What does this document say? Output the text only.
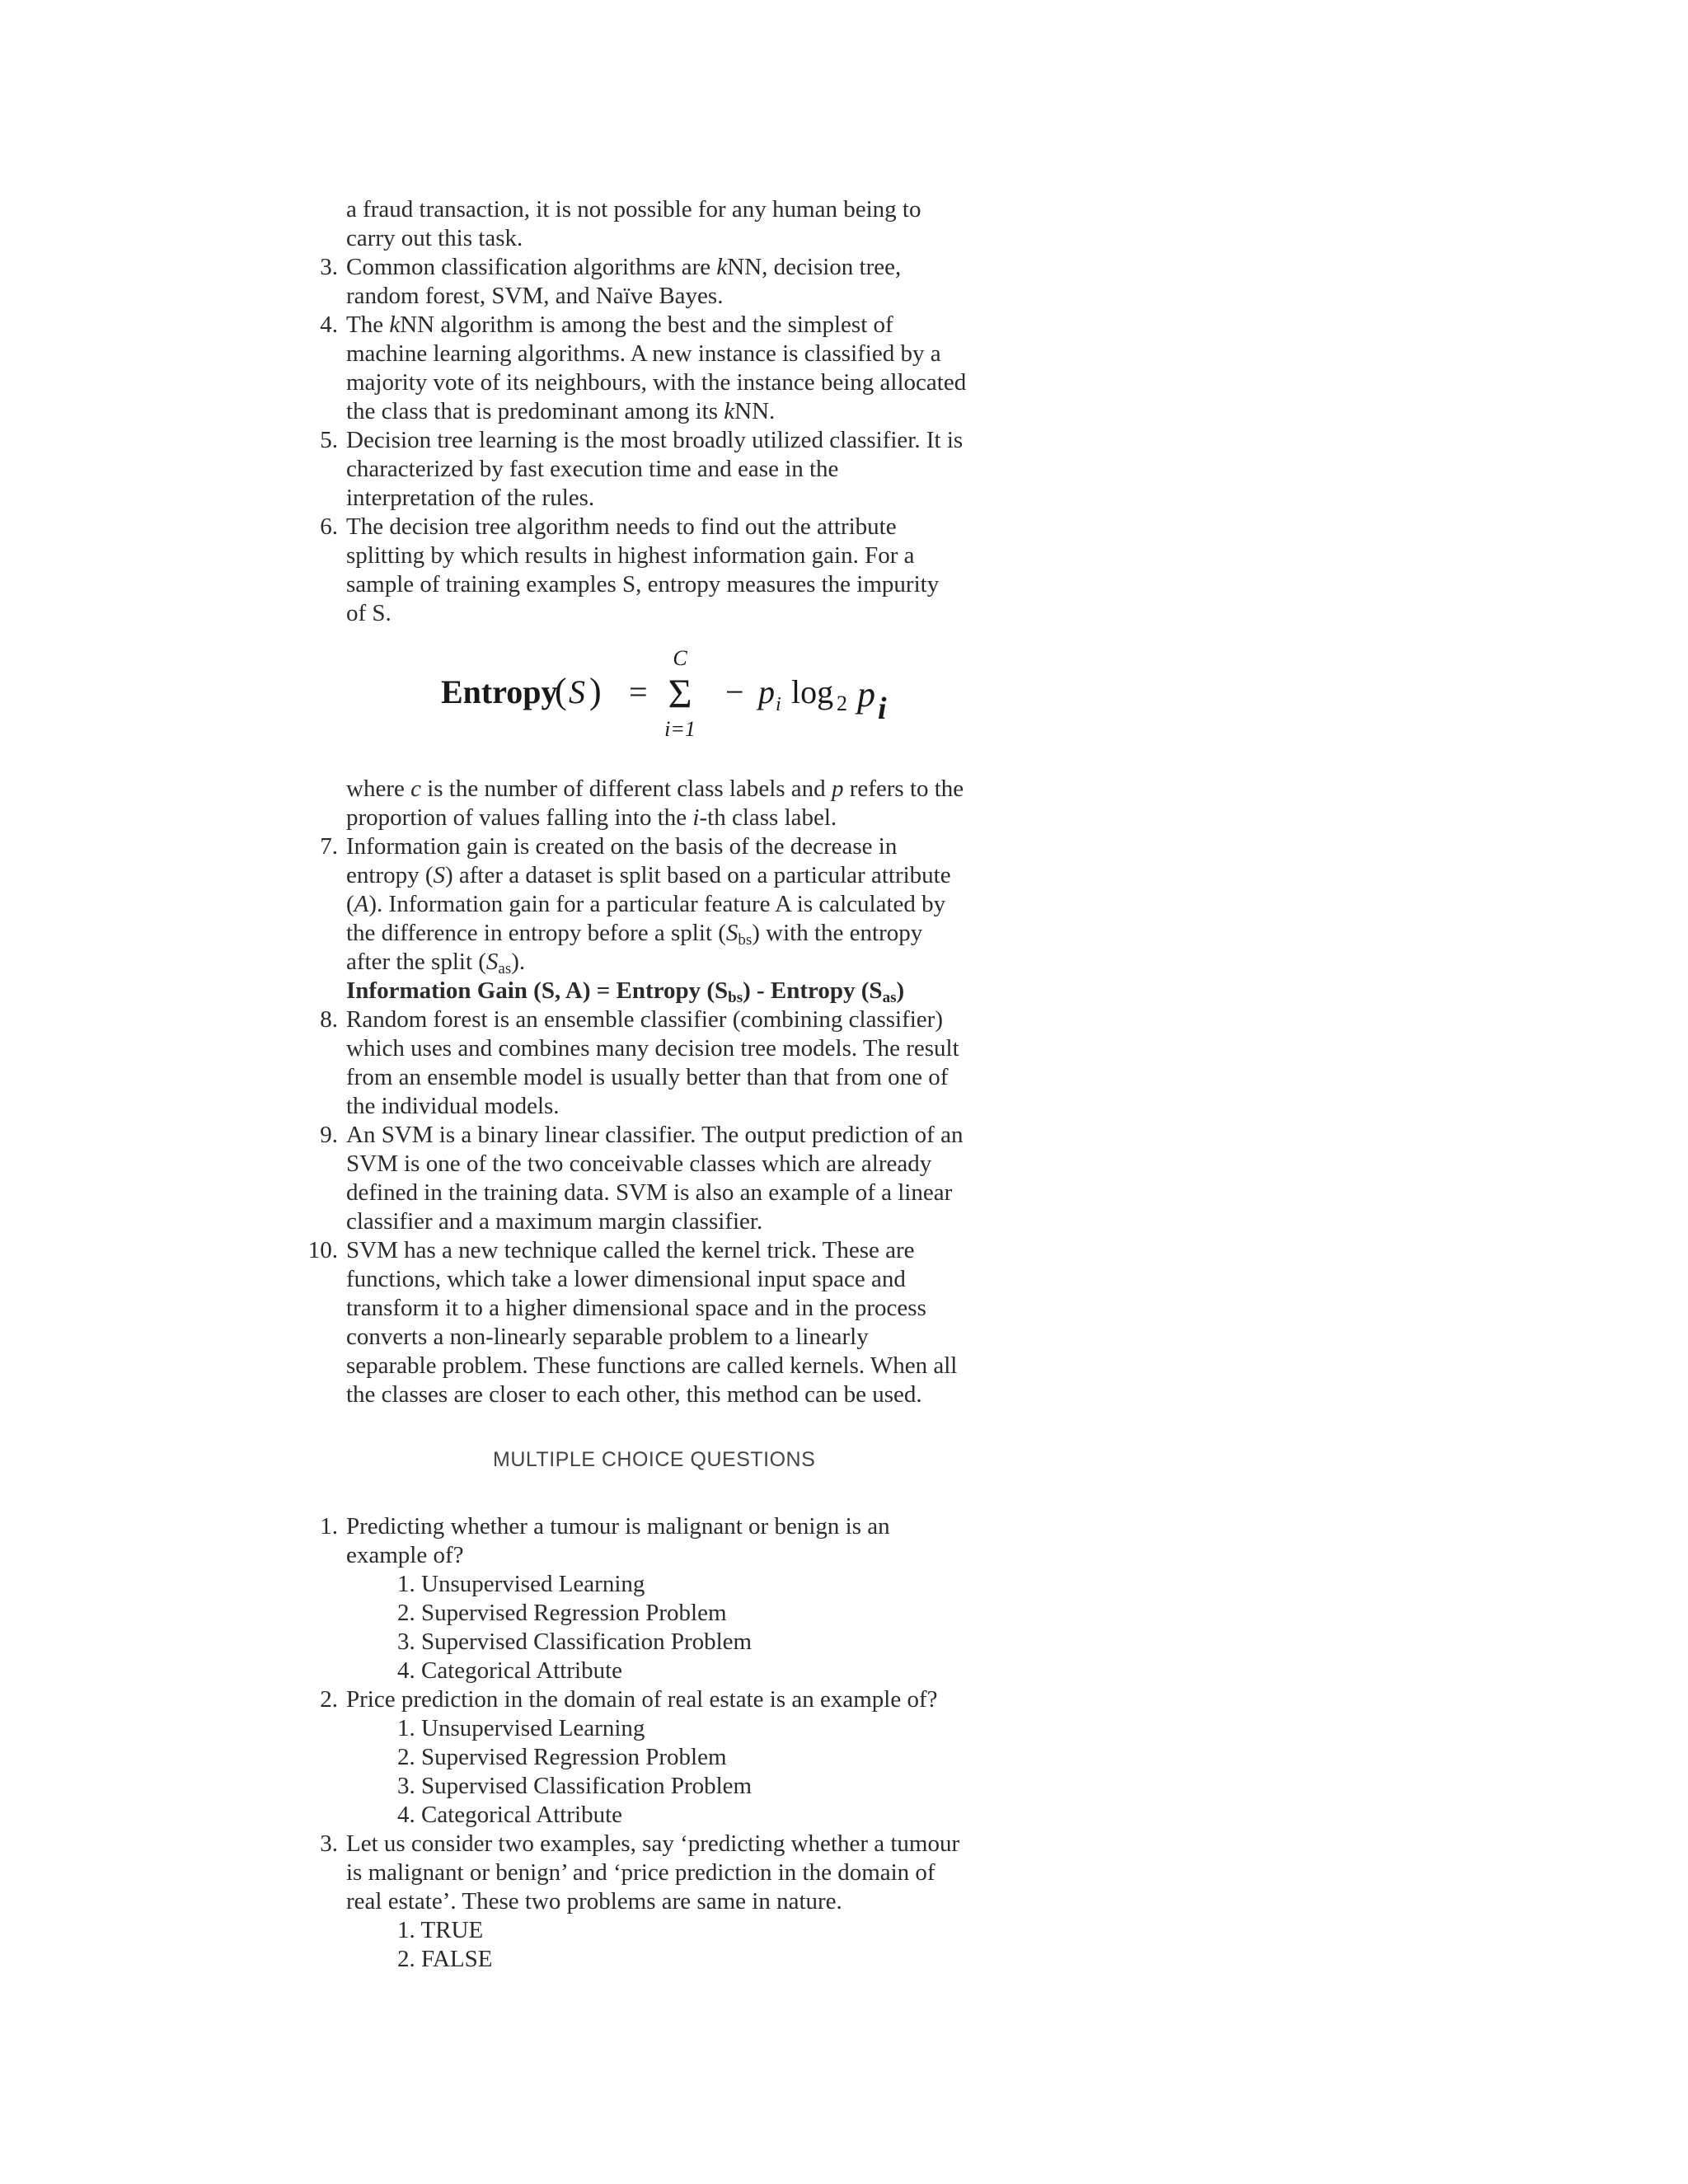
a fraud transaction, it is not possible for any human being to
carry out this task.
3. Common classification algorithms are kNN, decision tree,
random forest, SVM, and Naïve Bayes.
4. The kNN algorithm is among the best and the simplest of
machine learning algorithms. A new instance is classified by a
majority vote of its neighbours, with the instance being allocated
the class that is predominant among its kNN.
5. Decision tree learning is the most broadly utilized classifier. It is
characterized by fast execution time and ease in the
interpretation of the rules.
6. The decision tree algorithm needs to find out the attribute
splitting by which results in highest information gain. For a
sample of training examples S, entropy measures the impurity
of S.
Entropy
( S ) =
C
Σ
i=1
− p i log 2 p i
where c is the number of different class labels and p refers to the
proportion of values falling into the i-th class label.
7. Information gain is created on the basis of the decrease in
entropy (S) after a dataset is split based on a particular attribute
(A). Information gain for a particular feature A is calculated by
the difference in entropy before a split $(S_{bs})$ with the entropy
after the split $(S_{as})$.
Information Gain (S, A) = Entropy $(S_{bs})$ - Entropy $(S_{as})$
8. Random forest is an ensemble classifier (combining classifier)
which uses and combines many decision tree models. The result
from an ensemble model is usually better than that from one of
the individual models.
9. An SVM is a binary linear classifier. The output prediction of an
SVM is one of the two conceivable classes which are already
defined in the training data. SVM is also an example of a linear
classifier and a maximum margin classifier.
10. SVM has a new technique called the kernel trick. These are
functions, which take a lower dimensional input space and
transform it to a higher dimensional space and in the process
converts a non-linearly separable problem to a linearly
separable problem. These functions are called kernels. When all
the classes are closer to each other, this method can be used.
MULTIPLE CHOICE QUESTIONS
1. Predicting whether a tumour is malignant or benign is an
example of?
1. Unsupervised Learning
2. Supervised Regression Problem
3. Supervised Classification Problem
4. Categorical Attribute
2. Price prediction in the domain of real estate is an example of?
1. Unsupervised Learning
2. Supervised Regression Problem
3. Supervised Classification Problem
4. Categorical Attribute
3. Let us consider two examples, say ‘predicting whether a tumour
is malignant or benign’ and ‘price prediction in the domain of
real estate’. These two problems are same in nature.
1. TRUE
2. FALSE
